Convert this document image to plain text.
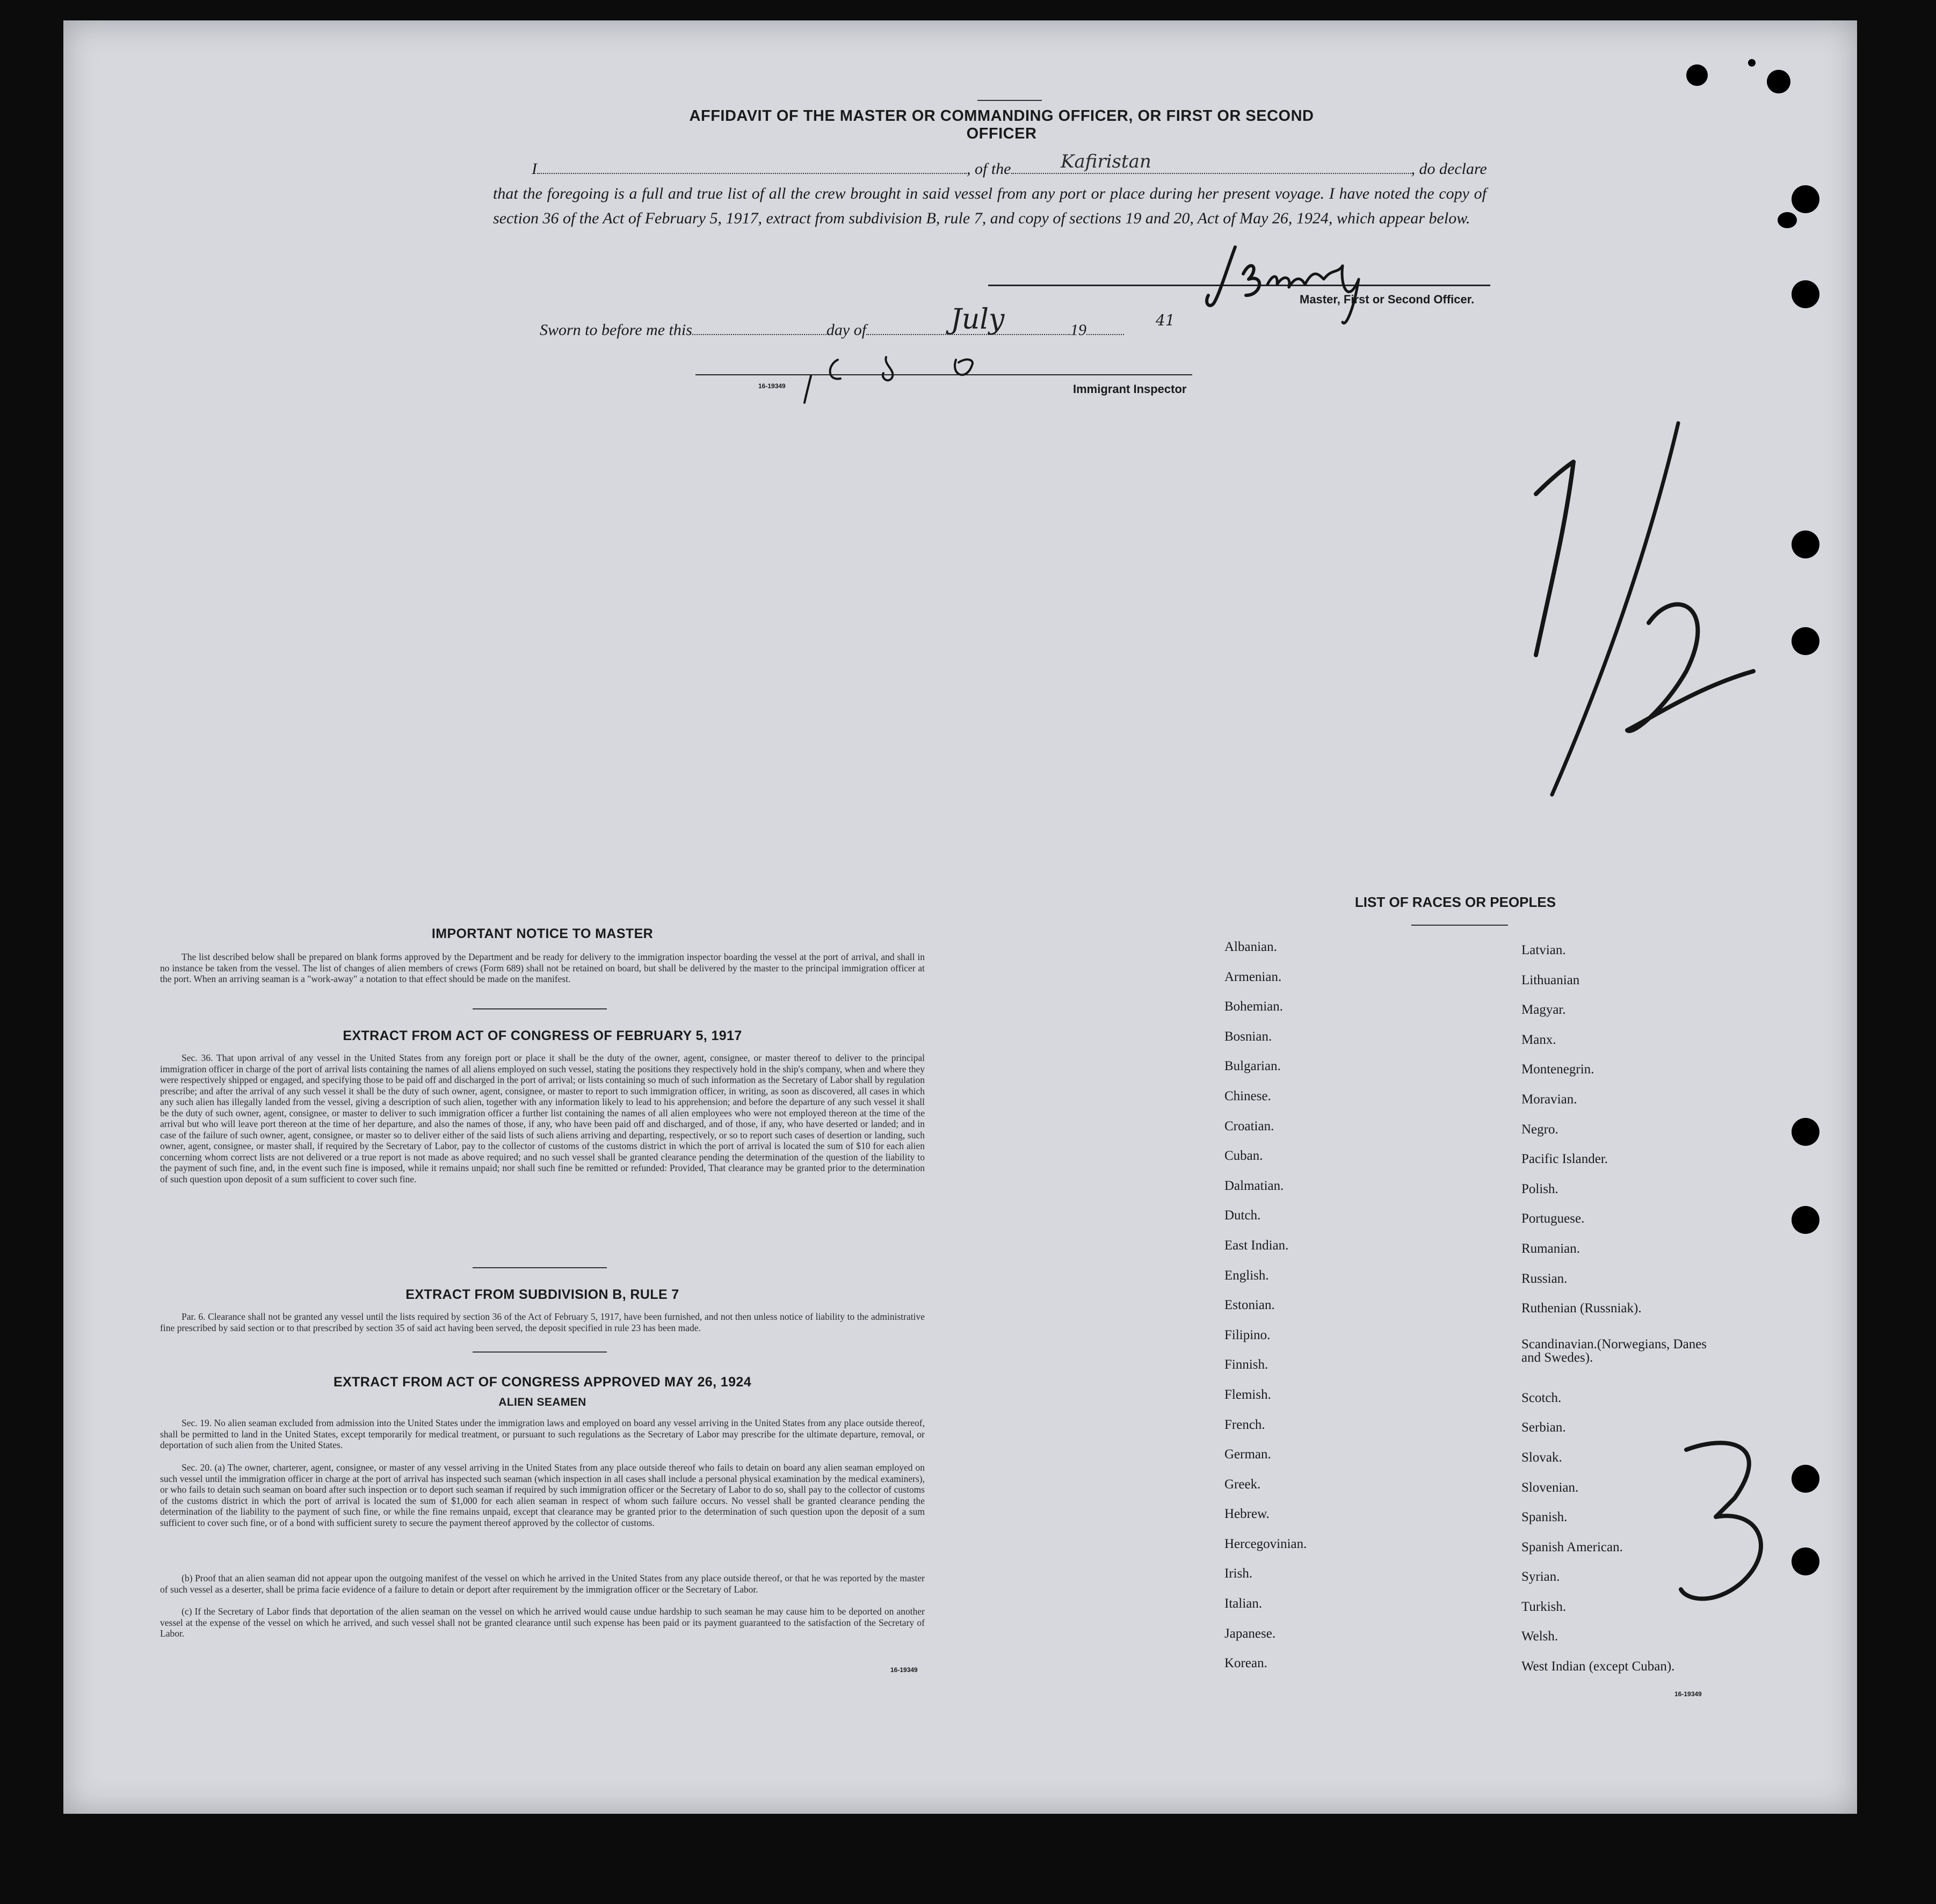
AFFIDAVIT OF THE MASTER OR COMMANDING OFFICER, OR FIRST OR SECOND OFFICER
I	, of the	, do declare
Kafiristan
that the foregoing is a full and true list of all the crew brought in said vessel from any port or place during her present voyage. I have noted the copy of section 36 of the Act of February 5, 1917, extract from subdivision B, rule 7, and copy of sections 19 and 20, Act of May 26, 1924, which appear below.
Master, First or Second Officer.
Sworn to before me this	day of	19
July	41
16-19349	Immigrant Inspector
IMPORTANT NOTICE TO MASTER
The list described below shall be prepared on blank forms approved by the Department and be ready for delivery to the immigration inspector boarding the vessel at the port of arrival, and shall in no instance be taken from the vessel. The list of changes of alien members of crews (Form 689) shall not be retained on board, but shall be delivered by the master to the principal immigration officer at the port. When an arriving seaman is a "work-away" a notation to that effect should be made on the manifest.
EXTRACT FROM ACT OF CONGRESS OF FEBRUARY 5, 1917
Sec. 36. That upon arrival of any vessel in the United States from any foreign port or place it shall be the duty of the owner, agent, consignee, or master thereof to deliver to the principal immigration officer in charge of the port of arrival lists containing the names of all aliens employed on such vessel, stating the positions they respectively hold in the ship's company, when and where they were respectively shipped or engaged, and specifying those to be paid off and discharged in the port of arrival; or lists containing so much of such information as the Secretary of Labor shall by regulation prescribe; and after the arrival of any such vessel it shall be the duty of such owner, agent, consignee, or master to report to such immigration officer, in writing, as soon as discovered, all cases in which any such alien has illegally landed from the vessel, giving a description of such alien, together with any information likely to lead to his apprehension; and before the departure of any such vessel it shall be the duty of such owner, agent, consignee, or master to deliver to such immigration officer a further list containing the names of all alien employees who were not employed thereon at the time of the arrival but who will leave port thereon at the time of her departure, and also the names of those, if any, who have been paid off and discharged, and of those, if any, who have deserted or landed; and in case of the failure of such owner, agent, consignee, or master so to deliver either of the said lists of such aliens arriving and departing, respectively, or so to report such cases of desertion or landing, such owner, agent, consignee, or master shall, if required by the Secretary of Labor, pay to the collector of customs of the customs district in which the port of arrival is located the sum of $10 for each alien concerning whom correct lists are not delivered or a true report is not made as above required; and no such vessel shall be granted clearance pending the determination of the question of the liability to the payment of such fine, and, in the event such fine is imposed, while it remains unpaid; nor shall such fine be remitted or refunded: Provided, That clearance may be granted prior to the determination of such question upon deposit of a sum sufficient to cover such fine.
EXTRACT FROM SUBDIVISION B, RULE 7
Par. 6. Clearance shall not be granted any vessel until the lists required by section 36 of the Act of February 5, 1917, have been furnished, and not then unless notice of liability to the administrative fine prescribed by said section or to that prescribed by section 35 of said act having been served, the deposit specified in rule 23 has been made.
EXTRACT FROM ACT OF CONGRESS APPROVED MAY 26, 1924
ALIEN SEAMEN
Sec. 19. No alien seaman excluded from admission into the United States under the immigration laws and employed on board any vessel arriving in the United States from any place outside thereof, shall be permitted to land in the United States, except temporarily for medical treatment, or pursuant to such regulations as the Secretary of Labor may prescribe for the ultimate departure, removal, or deportation of such alien from the United States.
Sec. 20. (a) The owner, charterer, agent, consignee, or master of any vessel arriving in the United States from any place outside thereof who fails to detain on board any alien seaman employed on such vessel until the immigration officer in charge at the port of arrival has inspected such seaman (which inspection in all cases shall include a personal physical examination by the medical examiners), or who fails to detain such seaman on board after such inspection or to deport such seaman if required by such immigration officer or the Secretary of Labor to do so, shall pay to the collector of customs of the customs district in which the port of arrival is located the sum of $1,000 for each alien seaman in respect of whom such failure occurs. No vessel shall be granted clearance pending the determination of the liability to the payment of such fine, or while the fine remains unpaid, except that clearance may be granted prior to the determination of such question upon the deposit of a sum sufficient to cover such fine, or of a bond with sufficient surety to secure the payment thereof approved by the collector of customs.
(b) Proof that an alien seaman did not appear upon the outgoing manifest of the vessel on which he arrived in the United States from any place outside thereof, or that he was reported by the master of such vessel as a deserter, shall be prima facie evidence of a failure to detain or deport after requirement by the immigration officer or the Secretary of Labor.
(c) If the Secretary of Labor finds that deportation of the alien seaman on the vessel on which he arrived would cause undue hardship to such seaman he may cause him to be deported on another vessel at the expense of the vessel on which he arrived, and such vessel shall not be granted clearance until such expense has been paid or its payment guaranteed to the satisfaction of the Secretary of Labor.
16-19349
LIST OF RACES OR PEOPLES
Albanian.
Armenian.
Bohemian.
Bosnian.
Bulgarian.
Chinese.
Croatian.
Cuban.
Dalmatian.
Dutch.
East Indian.
English.
Estonian.
Filipino.
Finnish.
Flemish.
French.
German.
Greek.
Hebrew.
Hercegovinian.
Irish.
Italian.
Japanese.
Korean.
Latvian.
Lithuanian
Magyar.
Manx.
Montenegrin.
Moravian.
Negro.
Pacific Islander.
Polish.
Portuguese.
Rumanian.
Russian.
Ruthenian (Russniak).
Scandinavian.(Norwegians, Danes and Swedes).
Scotch.
Serbian.
Slovak.
Slovenian.
Spanish.
Spanish American.
Syrian.
Turkish.
Welsh.
West Indian (except Cuban).
16-19349
